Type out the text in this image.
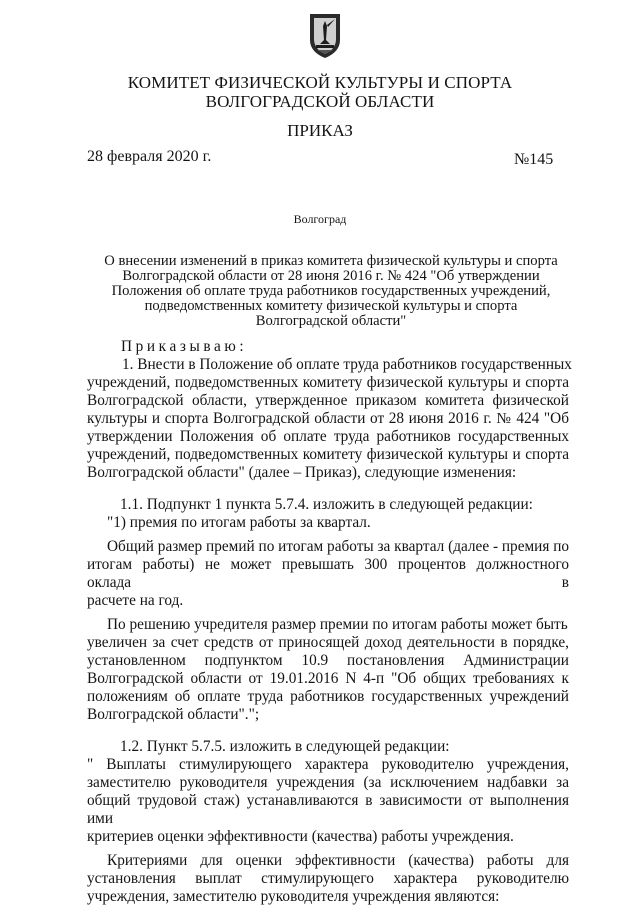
КОМИТЕТ ФИЗИЧЕСКОЙ КУЛЬТУРЫ И СПОРТА
ВОЛГОГРАДСКОЙ ОБЛАСТИ
ПРИКАЗ
28 февраля 2020 г.	№145
Волгоград
О внесении изменений в приказ комитета физической культуры и спорта
Волгоградской области от 28 июня 2016 г. № 424 "Об утверждении
Положения об оплате труда работников государственных учреждений,
подведомственных комитету физической культуры и спорта
Волгоградской области"
Приказываю:
1. Внести в Положение об оплате труда работников государственных
учреждений, подведомственных комитету физической культуры и спорта
Волгоградской области, утвержденное приказом комитета физической
культуры и спорта Волгоградской области от 28 июня 2016 г. № 424 "Об
утверждении Положения об оплате труда работников государственных
учреждений, подведомственных комитету физической культуры и спорта
Волгоградской области" (далее – Приказ), следующие изменения:
1.1. Подпункт 1 пункта 5.7.4. изложить в следующей редакции:
"1) премия по итогам работы за квартал.
Общий размер премий по итогам работы за квартал (далее - премия по
итогам работы) не может превышать 300 процентов должностного оклада в
расчете на год.
По решению учредителя размер премии по итогам работы может быть
увеличен за счет средств от приносящей доход деятельности в порядке,
установленном подпунктом 10.9 постановления Администрации
Волгоградской области от 19.01.2016 N 4-п "Об общих требованиях к
положениям об оплате труда работников государственных учреждений
Волгоградской области".";
1.2. Пункт 5.7.5. изложить в следующей редакции:
" Выплаты стимулирующего характера руководителю учреждения,
заместителю руководителя учреждения (за исключением надбавки за
общий трудовой стаж) устанавливаются в зависимости от выполнения ими
критериев оценки эффективности (качества) работы учреждения.
Критериями для оценки эффективности (качества) работы для
установления выплат стимулирующего характера руководителю
учреждения, заместителю руководителя учреждения являются:
